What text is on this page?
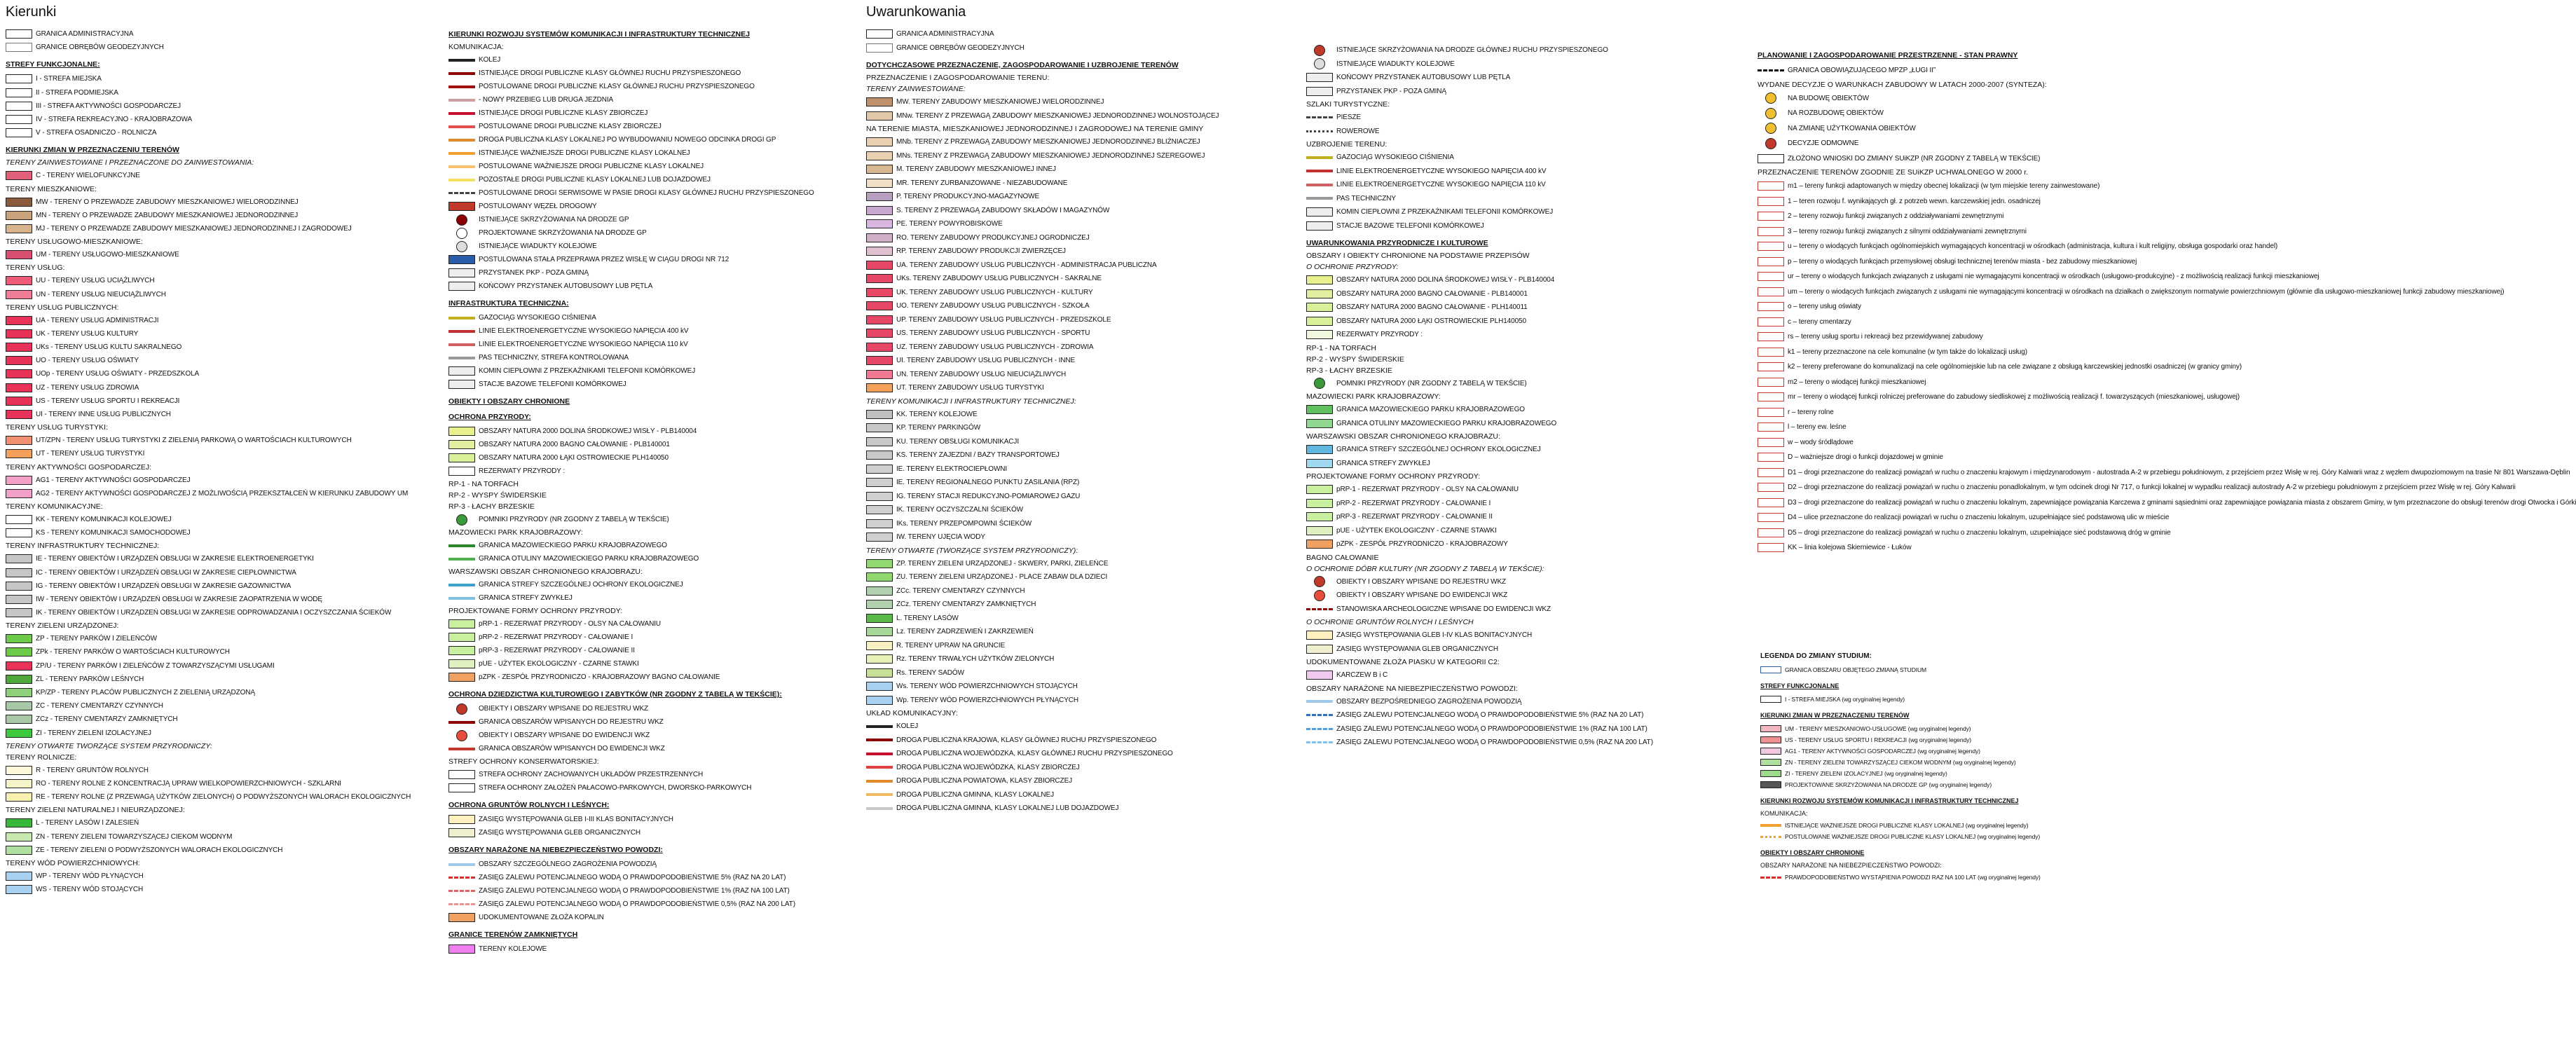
Kierunki
GRANICA ADMINISTRACYJNA
GRANICE OBRĘBÓW GEODEZYJNYCH
STREFY FUNKCJONALNE:
I - STREFA MIEJSKA
II - STREFA PODMIEJSKA
III - STREFA AKTYWNOŚCI GOSPODARCZEJ
IV - STREFA REKREACYJNO - KRAJOBRAZOWA
V - STREFA OSADNICZO - ROLNICZA
KIERUNKI ZMIAN W PRZEZNACZENIU TERENÓW
TERENY ZAINWESTOWANE I PRZEZNACZONE DO ZAINWESTOWANIA:
C - TERENY WIELOFUNKCYJNE
TERENY MIESZKANIOWE:
MW - TERENY O PRZEWADZE ZABUDOWY MIESZKANIOWEJ WIELORODZINNEJ
MN - TERENY O PRZEWADZE ZABUDOWY MIESZKANIOWEJ JEDNORODZINNEJ
MJ - TERENY O PRZEWADZE ZABUDOWY MIESZKANIOWEJ JEDNORODZINNEJ I ZAGRODOWEJ
TERENY USŁUGOWO-MIESZKANIOWE:
UM - TERENY USŁUGOWO-MIESZKANIOWE
TERENY USŁUG:
UU - TERENY USŁUG UCIĄŻLIWYCH
UN - TERENY USŁUG NIEUCIĄŻLIWYCH
TERENY USŁUG PUBLICZNYCH:
UA - TERENY USŁUG ADMINISTRACJI
UK - TERENY USŁUG KULTURY
UKs - TERENY USŁUG KULTU SAKRALNEGO
UO - TERENY USŁUG OŚWIATY
UOp - TERENY USŁUG OŚWIATY - PRZEDSZKOLA
UZ - TERENY USŁUG ZDROWIA
US - TERENY USŁUG SPORTU I REKREACJI
UI - TERENY INNE USŁUG PUBLICZNYCH
TERENY USŁUG TURYSTYKI:
UT/ZPN - TERENY USŁUG TURYSTYKI Z ZIELENIĄ PARKOWĄ O WARTOŚCIACH KULTUROWYCH
UT - TERENY USŁUG TURYSTYKI
TERENY AKTYWNOŚCI GOSPODARCZEJ:
AG1 - TERENY AKTYWNOŚCI GOSPODARCZEJ
AG2 - TERENY AKTYWNOŚCI GOSPODARCZEJ Z MOŻLIWOŚCIĄ PRZEKSZTAŁCEŃ W KIERUNKU ZABUDOWY UM
TERENY KOMUNIKACYJNE:
KK - TERENY KOMUNIKACJI KOLEJOWEJ
KS - TERENY KOMUNIKACJI SAMOCHODOWEJ
TERENY INFRASTRUKTURY TECHNICZNEJ:
IE - TERENY OBIEKTÓW I URZĄDZEŃ OBSŁUGI W ZAKRESIE ELEKTROENERGETYKI
IC - TERENY OBIEKTÓW I URZĄDZEŃ OBSŁUGI W ZAKRESIE CIEPŁOWNICTWA
IG - TERENY OBIEKTÓW I URZĄDZEŃ OBSŁUGI W ZAKRESIE GAZOWNICTWA
IW - TERENY OBIEKTÓW I URZĄDZEŃ OBSŁUGI W ZAKRESIE ZAOPATRZENIA W WODĘ
IK - TERENY OBIEKTÓW I URZĄDZEŃ OBSŁUGI W ZAKRESIE ODPROWADZANIA I OCZYSZCZANIA ŚCIEKÓW
TERENY ZIELENI URZĄDZONEJ:
ZP - TERENY PARKÓW I ZIELEŃCÓW
ZPk - TERENY PARKÓW O WARTOŚCIACH KULTUROWYCH
ZP/U - TERENY PARKÓW I ZIELEŃCÓW Z TOWARZYSZĄCYMI USŁUGAMI
ZL - TERENY PARKÓW LEŚNYCH
KP/ZP - TERENY PLACÓW PUBLICZNYCH Z ZIELENIĄ URZĄDZONĄ
ZC - TERENY CMENTARZY CZYNNYCH
ZCz - TERENY CMENTARZY ZAMKNIĘTYCH
ZI - TERENY ZIELENI IZOLACYJNEJ
TERENY OTWARTE TWORZĄCE SYSTEM PRZYRODNICZY:
TERENY ROLNICZE:
R - TERENY GRUNTÓW ROLNYCH
RO - TERENY ROLNE Z KONCENTRACJĄ UPRAW WIELKOPOWIERZCHNIOWYCH - SZKLARNI
RE - TERENY ROLNE (Z PRZEWAGĄ UŻYTKÓW ZIELONYCH) O PODWYŻSZONYCH WALORACH EKOLOGICZNYCH
TERENY ZIELENI NATURALNEJ I NIEURZĄDZONEJ:
L - TERENY LASÓW I ZALESIEŃ
ZN - TERENY ZIELENI TOWARZYSZĄCEJ CIEKOM WODNYM
ZE - TERENY ZIELENI O PODWYŻSZONYCH WALORACH EKOLOGICZNYCH
TERENY WÓD POWIERZCHNIOWYCH:
WP - TERENY WÓD PŁYNĄCYCH
WS - TERENY WÓD STOJĄCYCH
KIERUNKI ROZWOJU SYSTEMÓW KOMUNIKACJI I INFRASTRUKTURY TECHNICZNEJ
KOMUNIKACJA:
KOLEJ
ISTNIEJĄCE DROGI PUBLICZNE KLASY GŁÓWNEJ RUCHU PRZYSPIESZONEGO
POSTULOWANE DROGI PUBLICZNE KLASY GŁÓWNEJ RUCHU PRZYSPIESZONEGO
- NOWY PRZEBIEG LUB DRUGA JEZDNIA
ISTNIEJĄCE DROGI PUBLICZNE KLASY ZBIORCZEJ
POSTULOWANE DROGI PUBLICZNE KLASY ZBIORCZEJ
DROGA PUBLICZNA KLASY LOKALNEJ PO WYBUDOWANIU NOWEGO ODCINKA DROGI GP
ISTNIEJĄCE WAŻNIEJSZE DROGI PUBLICZNE KLASY LOKALNEJ
POSTULOWANE WAŻNIEJSZE DROGI PUBLICZNE KLASY LOKALNEJ
POZOSTAŁE DROGI PUBLICZNE KLASY LOKALNEJ LUB DOJAZDOWEJ
POSTULOWANE DROGI SERWISOWE W PASIE DROGI KLASY GŁÓWNEJ RUCHU PRZYSPIESZONEGO
POSTULOWANY WĘZEŁ DROGOWY
ISTNIEJĄCE SKRZYŻOWANIA NA DRODZE GP
PROJEKTOWANE SKRZYŻOWANIA NA DRODZE GP
ISTNIEJĄCE WIADUKTY KOLEJOWE
POSTULOWANA STAŁA PRZEPRAWA PRZEZ WISŁĘ W CIĄGU DROGI NR 712
PRZYSTANEK PKP - POZA GMINĄ
KOŃCOWY PRZYSTANEK AUTOBUSOWY LUB PĘTLA
INFRASTRUKTURA TECHNICZNA:
GAZOCIĄG WYSOKIEGO CIŚNIENIA
LINIE ELEKTROENERGETYCZNE WYSOKIEGO NAPIĘCIA 400 kV
LINIE ELEKTROENERGETYCZNE WYSOKIEGO NAPIĘCIA 110 kV
PAS TECHNICZNY, STREFA KONTROLOWANA
KOMIN CIEPŁOWNI Z PRZEKAŹNIKAMI TELEFONII KOMÓRKOWEJ
STACJE BAZOWE TELEFONII KOMÓRKOWEJ
OBIEKTY I OBSZARY CHRONIONE
OCHRONA PRZYRODY:
OBSZARY NATURA 2000 DOLINA ŚRODKOWEJ WISŁY - PLB140004
OBSZARY NATURA 2000 BAGNO CAŁOWANIE - PLB140001
OBSZARY NATURA 2000 ŁĄKI OSTROWIECKIE PLH140050
REZERWATY PRZYRODY :
RP-1 - NA TORFACH
RP-2 - WYSPY ŚWIDERSKIE
RP-3 - ŁACHY BRZESKIE
POMNIKI PRZYRODY (NR ZGODNY Z TABELĄ W TEKŚCIE)
MAZOWIECKI PARK KRAJOBRAZOWY:
GRANICA MAZOWIECKIEGO PARKU KRAJOBRAZOWEGO
GRANICA OTULINY MAZOWIECKIEGO PARKU KRAJOBRAZOWEGO
WARSZAWSKI OBSZAR CHRONIONEGO KRAJOBRAZU:
GRANICA STREFY SZCZEGÓLNEJ OCHRONY EKOLOGICZNEJ
GRANICA STREFY ZWYKŁEJ
PROJEKTOWANE FORMY OCHRONY PRZYRODY:
pRP-1 - REZERWAT PRZYRODY - OLSY NA CAŁOWANIU
pRP-2 - REZERWAT PRZYRODY - CAŁOWANIE I
pRP-3 - REZERWAT PRZYRODY - CAŁOWANIE II
pUE - UŻYTEK EKOLOGICZNY - CZARNE STAWKI
pZPK - ZESPÓŁ PRZYRODNICZO - KRAJOBRAZOWY BAGNO CAŁOWANIE
OCHRONA DZIEDZICTWA KULTUROWEGO I ZABYTKÓW (NR ZGODNY Z TABELĄ W TEKŚCIE):
OBIEKTY I OBSZARY WPISANE DO REJESTRU WKZ
GRANICA OBSZARÓW WPISANYCH DO REJESTRU WKZ
OBIEKTY I OBSZARY WPISANE DO EWIDENCJI WKZ
GRANICA OBSZARÓW WPISANYCH DO EWIDENCJI WKZ
STREFY OCHRONY KONSERWATORSKIEJ:
STREFA OCHRONY ZACHOWANYCH UKŁADÓW PRZESTRZENNYCH
STREFA OCHRONY ZAŁOŻEŃ PAŁACOWO-PARKOWYCH, DWORSKO-PARKOWYCH
OCHRONA GRUNTÓW ROLNYCH I LEŚNYCH:
ZASIĘG WYSTĘPOWANIA GLEB I-III KLAS BONITACYJNYCH
ZASIĘG WYSTĘPOWANIA GLEB ORGANICZNYCH
OBSZARY NARAŻONE NA NIEBEZPIECZEŃSTWO POWODZI:
OBSZARY SZCZEGÓLNEGO ZAGROŻENIA POWODZIĄ
ZASIĘG ZALEWU POTENCJALNEGO WODĄ O PRAWDOPODOBIEŃSTWIE 5% (RAZ NA 20 LAT)
ZASIĘG ZALEWU POTENCJALNEGO WODĄ O PRAWDOPODOBIEŃSTWIE 1% (RAZ NA 100 LAT)
ZASIĘG ZALEWU POTENCJALNEGO WODĄ O PRAWDOPODOBIEŃSTWIE 0,5% (RAZ NA 200 LAT)
UDOKUMENTOWANE ZŁOŻA KOPALIN
GRANICE TERENÓW ZAMKNIĘTYCH
TERENY KOLEJOWE
Uwarunkowania
GRANICA ADMINISTRACYJNA
GRANICE OBRĘBÓW GEODEZYJNYCH
DOTYCHCZASOWE PRZEZNACZENIE, ZAGOSPODAROWANIE I UZBROJENIE TERENÓW
PRZEZNACZENIE I ZAGOSPODAROWANIE TERENU:
TERENY ZAINWESTOWANE:
MW. TERENY ZABUDOWY MIESZKANIOWEJ WIELORODZINNEJ
MNw. TERENY Z PRZEWAGĄ ZABUDOWY MIESZKANIOWEJ JEDNORODZINNEJ WOLNOSTOJĄCEJ
NA TERENIE MIASTA, MIESZKANIOWEJ JEDNORODZINNEJ I ZAGRODOWEJ NA TERENIE GMINY
MNb. TERENY Z PRZEWAGĄ ZABUDOWY MIESZKANIOWEJ JEDNORODZINNEJ BLIŹNIACZEJ
MNs. TERENY Z PRZEWAGĄ ZABUDOWY MIESZKANIOWEJ JEDNORODZINNEJ SZEREGOWEJ
M. TERENY ZABUDOWY MIESZKANIOWEJ INNEJ
MR. TERENY ZURBANIZOWANE - NIEZABUDOWANE
P. TERENY PRODUKCYJNO-MAGAZYNOWE
S. TERENY Z PRZEWAGĄ ZABUDOWY SKŁADÓW I MAGAZYNÓW
PE. TERENY POWYROBISKOWE
RO. TERENY ZABUDOWY PRODUKCYJNEJ OGRODNICZEJ
RP. TERENY ZABUDOWY PRODUKCJI ZWIERZĘCEJ
UA. TERENY ZABUDOWY USŁUG PUBLICZNYCH - ADMINISTRACJA PUBLICZNA
UKs. TERENY ZABUDOWY USŁUG PUBLICZNYCH - SAKRALNE
UK. TERENY ZABUDOWY USŁUG PUBLICZNYCH - KULTURY
UO. TERENY ZABUDOWY USŁUG PUBLICZNYCH - SZKOŁA
UP. TERENY ZABUDOWY USŁUG PUBLICZNYCH - PRZEDSZKOLE
US. TERENY ZABUDOWY USŁUG PUBLICZNYCH - SPORTU
UZ. TERENY ZABUDOWY USŁUG PUBLICZNYCH - ZDROWIA
UI. TERENY ZABUDOWY USŁUG PUBLICZNYCH - INNE
UN. TERENY ZABUDOWY USŁUG NIEUCIĄŻLIWYCH
UT. TERENY ZABUDOWY USŁUG TURYSTYKI
TERENY KOMUNIKACJI I INFRASTRUKTURY TECHNICZNEJ:
KK. TERENY KOLEJOWE
KP. TERENY PARKINGÓW
KU. TERENY OBSŁUGI KOMUNIKACJI
KS. TERENY ZAJEZDNI / BAZY TRANSPORTOWEJ
IE. TERENY ELEKTROCIEPŁOWNI
IE. TERENY REGIONALNEGO PUNKTU ZASILANIA (RPZ)
IG. TERENY STACJI REDUKCYJNO-POMIAROWEJ GAZU
IK. TERENY OCZYSZCZALNI ŚCIEKÓW
IKs. TERENY PRZEPOMPOWNI ŚCIEKÓW
IW. TERENY UJĘCIA WODY
TERENY OTWARTE (TWORZĄCE SYSTEM PRZYRODNICZY):
ZP. TERENY ZIELENI URZĄDZONEJ - SKWERY, PARKI, ZIELEŃCE
ZU. TERENY ZIELENI URZĄDZONEJ - PLACE ZABAW DLA DZIECI
ZCc. TERENY CMENTARZY CZYNNYCH
ZCz. TERENY CMENTARZY ZAMKNIĘTYCH
L. TERENY LASÓW
Lz. TERENY ZADRZEWIEŃ I ZAKRZEWIEŃ
R. TERENY UPRAW NA GRUNCIE
Rz. TERENY TRWAŁYCH UŻYTKÓW ZIELONYCH
Rs. TERENY SADÓW
Ws. TERENY WÓD POWIERZCHNIOWYCH STOJĄCYCH
Wp. TERENY WÓD POWIERZCHNIOWYCH PŁYNĄCYCH
UKŁAD KOMUNIKACYJNY:
KOLEJ
DROGA PUBLICZNA KRAJOWA, KLASY GŁÓWNEJ RUCHU PRZYSPIESZONEGO
DROGA PUBLICZNA WOJEWÓDZKA, KLASY GŁÓWNEJ RUCHU PRZYSPIESZONEGO
DROGA PUBLICZNA WOJEWÓDZKA, KLASY ZBIORCZEJ
DROGA PUBLICZNA POWIATOWA, KLASY ZBIORCZEJ
DROGA PUBLICZNA GMINNA, KLASY LOKALNEJ
DROGA PUBLICZNA GMINNA, KLASY LOKALNEJ LUB DOJAZDOWEJ
ISTNIEJĄCE SKRZYŻOWANIA NA DRODZE GŁÓWNEJ RUCHU PRZYSPIESZONEGO
ISTNIEJĄCE WIADUKTY KOLEJOWE
KOŃCOWY PRZYSTANEK AUTOBUSOWY LUB PĘTLA
PRZYSTANEK PKP - POZA GMINĄ
SZLAKI TURYSTYCZNE:
PIESZE
ROWEROWE
UZBROJENIE TERENU:
GAZOCIĄG WYSOKIEGO CIŚNIENIA
LINIE ELEKTROENERGETYCZNE WYSOKIEGO NAPIĘCIA 400 kV
LINIE ELEKTROENERGETYCZNE WYSOKIEGO NAPIĘCIA 110 kV
PAS TECHNICZNY
KOMIN CIEPŁOWNI Z PRZEKAŹNIKAMI TELEFONII KOMÓRKOWEJ
STACJE BAZOWE TELEFONII KOMÓRKOWEJ
UWARUNKOWANIA PRZYRODNICZE I KULTUROWE
OBSZARY I OBIEKTY CHRONIONE NA PODSTAWIE PRZEPISÓW
O OCHRONIE PRZYRODY:
OBSZARY NATURA 2000 DOLINA ŚRODKOWEJ WISŁY - PLB140004
OBSZARY NATURA 2000 BAGNO CAŁOWANIE - PLB140001
OBSZARY NATURA 2000 BAGNO CAŁOWANIE - PLH140011
OBSZARY NATURA 2000 ŁĄKI OSTROWIECKIE PLH140050
REZERWATY PRZYRODY :
RP-1 - NA TORFACH
RP-2 - WYSPY ŚWIDERSKIE
RP-3 - ŁACHY BRZESKIE
POMNIKI PRZYRODY (NR ZGODNY Z TABELĄ W TEKŚCIE)
MAZOWIECKI PARK KRAJOBRAZOWY:
GRANICA MAZOWIECKIEGO PARKU KRAJOBRAZOWEGO
GRANICA OTULINY MAZOWIECKIEGO PARKU KRAJOBRAZOWEGO
WARSZAWSKI OBSZAR CHRONIONEGO KRAJOBRAZU:
GRANICA STREFY SZCZEGÓLNEJ OCHRONY EKOLOGICZNEJ
GRANICA STREFY ZWYKŁEJ
PROJEKTOWANE FORMY OCHRONY PRZYRODY:
pRP-1 - REZERWAT PRZYRODY - OLSY NA CAŁOWANIU
pRP-2 - REZERWAT PRZYRODY - CAŁOWANIE I
pRP-3 - REZERWAT PRZYRODY - CAŁOWANIE II
pUE - UŻYTEK EKOLOGICZNY - CZARNE STAWKI
pZPK - ZESPÓŁ PRZYRODNICZO - KRAJOBRAZOWY
BAGNO CAŁOWANIE
O OCHRONIE DÓBR KULTURY (NR ZGODNY Z TABELĄ W TEKŚCIE):
OBIEKTY I OBSZARY WPISANE DO REJESTRU WKZ
OBIEKTY I OBSZARY WPISANE DO EWIDENCJI WKZ
STANOWISKA ARCHEOLOGICZNE WPISANE DO EWIDENCJI WKZ
O OCHRONIE GRUNTÓW ROLNYCH I LEŚNYCH
ZASIĘG WYSTĘPOWANIA GLEB I-IV KLAS BONITACYJNYCH
ZASIĘG WYSTĘPOWANIA GLEB ORGANICZNYCH
UDOKUMENTOWANE ZŁOŻA PIASKU W KATEGORII C2:
KARCZEW B i C
OBSZARY NARAŻONE NA NIEBEZPIECZEŃSTWO POWODZI:
OBSZARY BEZPOŚREDNIEGO ZAGROŻENIA POWODZIĄ
ZASIĘG ZALEWU POTENCJALNEGO WODĄ O PRAWDOPODOBIEŃSTWIE 5% (RAZ NA 20 LAT)
ZASIĘG ZALEWU POTENCJALNEGO WODĄ O PRAWDOPODOBIEŃSTWIE 1% (RAZ NA 100 LAT)
ZASIĘG ZALEWU POTENCJALNEGO WODĄ O PRAWDOPODOBIEŃSTWIE 0,5% (RAZ NA 200 LAT)
PLANOWANIE I ZAGOSPODAROWANIE PRZESTRZENNE - STAN PRAWNY
GRANICA OBOWIĄZUJĄCEGO MPZP „ŁUGI II”
WYDANE DECYZJE O WARUNKACH ZABUDOWY W LATACH 2000-2007 (SYNTEZA):
NA BUDOWĘ OBIEKTÓW
NA ROZBUDOWĘ OBIEKTÓW
NA ZMIANĘ UŻYTKOWANIA OBIEKTÓW
DECYZJE ODMOWNE
ZŁOŻONO WNIOSKI DO ZMIANY SUiKZP (NR ZGODNY Z TABELĄ W TEKŚCIE)
PRZEZNACZENIE TERENÓW ZGODNIE ZE SUiKZP UCHWALONEGO W 2000 r.
m1 – tereny funkcji adaptowanych w między obecnej lokalizacji (w tym miejskie tereny zainwestowane)
1 – teren rozwoju f. wynikających gł. z potrzeb wewn. karczewskiej jedn. osadniczej
2 – tereny rozwoju funkcji związanych z oddziaływaniami zewnętrznymi
3 – tereny rozwoju funkcji związanych z silnymi oddziaływaniami zewnętrznymi
u – tereny o wiodących funkcjach ogólnomiejskich wymagających koncentracji w ośrodkach (administracja, kultura i kult religijny, obsługa gospodarki oraz handel)
p – tereny o wiodących funkcjach przemysłowej obsługi technicznej terenów miasta - bez zabudowy mieszkaniowej
ur – tereny o wiodących funkcjach związanych z usługami nie wymagającymi koncentracji w ośrodkach (usługowo-produkcyjne) - z możliwością realizacji funkcji mieszkaniowej
um – tereny o wiodących funkcjach związanych z usługami nie wymagającymi koncentracji w ośrodkach na działkach o zwiększonym normatywie powierzchniowym (głównie dla usługowo-mieszkaniowej funkcji zabudowy mieszkaniowej)
o – tereny usług oświaty
c – tereny cmentarzy
rs – tereny usług sportu i rekreacji bez przewidywanej zabudowy
k1 – tereny przeznaczone na cele komunalne (w tym także do lokalizacji usług)
k2 – tereny preferowane do komunalizacji na cele ogólnomiejskie lub na cele związane z obsługą karczewskiej jednostki osadniczej (w granicy gminy)
m2 – tereny o wiodącej funkcji mieszkaniowej
mr – tereny o wiodącej funkcji rolniczej preferowane do zabudowy siedliskowej z możliwością realizacji f. towarzyszących (mieszkaniowej, usługowej)
r – tereny rolne
l – tereny ew. leśne
w – wody śródlądowe
D – ważniejsze drogi o funkcji dojazdowej w gminie
D1 – drogi przeznaczone do realizacji powiązań w ruchu o znaczeniu krajowym i międzynarodowym - autostrada A-2 w przebiegu południowym, z przejściem przez Wisłę w rej. Góry Kalwarii wraz z węzłem dwupoziomowym na trasie Nr 801 Warszawa-Dęblin
D2 – drogi przeznaczone do realizacji powiązań w ruchu o znaczeniu ponadlokalnym, w tym odcinek drogi Nr 717, o funkcji lokalnej w wypadku realizacji autostrady A-2 w przebiegu południowym z przejściem przez Wisłę w rej. Góry Kalwarii
D3 – drogi przeznaczone do realizacji powiązań w ruchu o znaczeniu lokalnym, zapewniające powiązania Karczewa z gminami sąsiednimi oraz zapewniające powiązania miasta z obszarem Gminy, w tym przeznaczone do obsługi terenów drogi Otwocka i Górki
D4 – ulice przeznaczone do realizacji powiązań w ruchu o znaczeniu lokalnym, uzupełniające sieć podstawową ulic w mieście
D5 – drogi przeznaczone do realizacji powiązań w ruchu o znaczeniu lokalnym, uzupełniające sieć podstawową dróg w gminie
KK – linia kolejowa Skierniewice - Łuków
LEGENDA DO ZMIANY STUDIUM:
GRANICA OBSZARU OBJĘTEGO ZMIANĄ STUDIUM
STREFY FUNKCJONALNE
I - STREFA MIEJSKA (wg oryginalnej legendy)
KIERUNKI ZMIAN W PRZEZNACZENIU TERENÓW
UM - TERENY MIESZKANIOWO-USŁUGOWE (wg oryginalnej legendy)
US - TERENY USŁUG SPORTU I REKREACJI (wg oryginalnej legendy)
AG1 - TERENY AKTYWNOŚCI GOSPODARCZEJ (wg oryginalnej legendy)
ZN - TERENY ZIELENI TOWARZYSZĄCEJ CIEKOM WODNYM (wg oryginalnej legendy)
ZI - TERENY ZIELENI IZOLACYJNEJ (wg oryginalnej legendy)
PROJEKTOWANE SKRZYŻOWANIA NA DRODZE GP (wg oryginalnej legendy)
KIERUNKI ROZWOJU SYSTEMÓW KOMUNIKACJI I INFRASTRUKTURY TECHNICZNEJ
KOMUNIKACJA:
ISTNIEJĄCE WAŻNIEJSZE DROGI PUBLICZNE KLASY LOKALNEJ (wg oryginalnej legendy)
POSTULOWANE WAŻNIEJSZE DROGI PUBLICZNE KLASY LOKALNEJ (wg oryginalnej legendy)
OBIEKTY I OBSZARY CHRONIONE
OBSZARY NARAŻONE NA NIEBEZPIECZEŃSTWO POWODZI:
PRAWDOPODOBIEŃSTWO WYSTĄPIENIA POWODZI RAZ NA 100 LAT (wg oryginalnej legendy)
